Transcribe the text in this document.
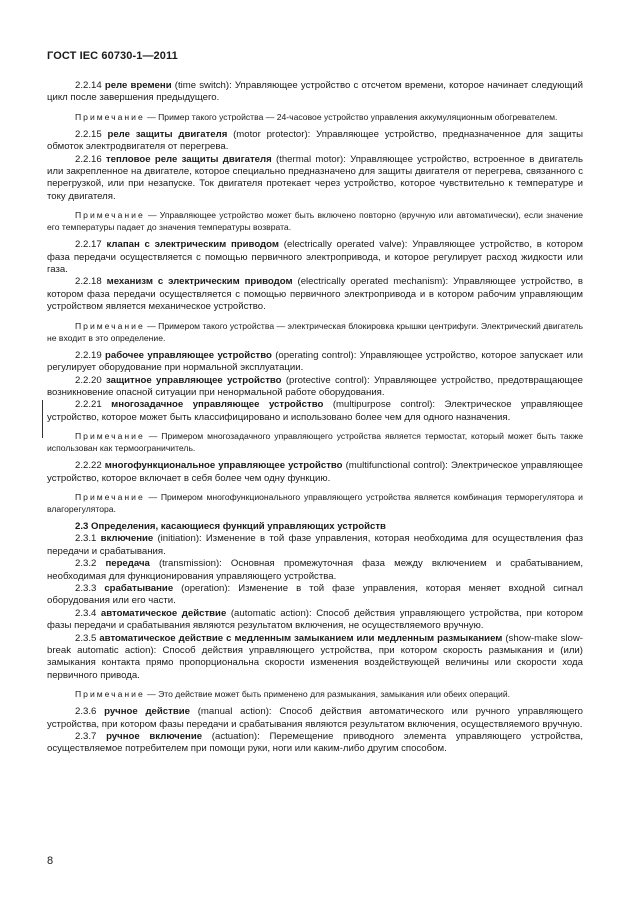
ГОСТ IEC 60730-1—2011

2.2.14 реле времени (time switch): Управляющее устройство с отсчетом времени, которое начинает следующий цикл после завершения предыдущего.

Примечание — Пример такого устройства — 24-часовое устройство управления аккумуляционным обогревателем.

2.2.15 реле защиты двигателя (motor protector): Управляющее устройство, предназначенное для защиты обмоток электродвигателя от перегрева.

2.2.16 тепловое реле защиты двигателя (thermal motor): Управляющее устройство, встроенное в двигатель или закрепленное на двигателе, которое специально предназначено для защиты двигателя от перегрева, связанного с перегрузкой, или при незапуске. Ток двигателя протекает через устройство, которое чувствительно к температуре и току двигателя.

Примечание — Управляющее устройство может быть включено повторно (вручную или автоматически), если значение его температуры падает до значения температуры возврата.

2.2.17 клапан с электрическим приводом (electrically operated valve): Управляющее устройство, в котором фаза передачи осуществляется с помощью первичного электропривода, и которое регулирует расход жидкости или газа.

2.2.18 механизм с электрическим приводом (electrically operated mechanism): Управляющее устройство, в котором фаза передачи осуществляется с помощью первичного электропривода и в котором рабочим управляющим устройством является механическое устройство.

Примечание — Примером такого устройства — электрическая блокировка крышки центрифуги. Электрический двигатель не входит в это определение.

2.2.19 рабочее управляющее устройство (operating control): Управляющее устройство, которое запускает или регулирует оборудование при нормальной эксплуатации.

2.2.20 защитное управляющее устройство (protective control): Управляющее устройство, предотвращающее возникновение опасной ситуации при ненормальной работе оборудования.

2.2.21 многозадачное управляющее устройство (multipurpose control): Электрическое управляющее устройство, которое может быть классифицировано и использовано более чем для одного назначения.

Примечание — Примером многозадачного управляющего устройства является термостат, который может быть также использован как термоограничитель.

2.2.22 многофункциональное управляющее устройство (multifunctional control): Электрическое управляющее устройство, которое включает в себя более чем одну функцию.

Примечание — Примером многофункционального управляющего устройства является комбинация терморегулятора и влагорегулятора.

2.3 Определения, касающиеся функций управляющих устройств

2.3.1 включение (initiation): Изменение в той фазе управления, которая необходима для осуществления фаз передачи и срабатывания.

2.3.2 передача (transmission): Основная промежуточная фаза между включением и срабатыванием, необходимая для функционирования управляющего устройства.

2.3.3 срабатывание (operation): Изменение в той фазе управления, которая меняет входной сигнал оборудования или его части.

2.3.4 автоматическое действие (automatic action): Способ действия управляющего устройства, при котором фазы передачи и срабатывания являются результатом включения, не осуществляемого вручную.

2.3.5 автоматическое действие с медленным замыканием или медленным размыканием (show-make slow-break automatic action): Способ действия управляющего устройства, при котором скорость размыкания и (или) замыкания контакта прямо пропорциональна скорости изменения воздействующей величины или скорости хода первичного привода.

Примечание — Это действие может быть применено для размыкания, замыкания или обеих операций.

2.3.6 ручное действие (manual action): Способ действия автоматического или ручного управляющего устройства, при котором фазы передачи и срабатывания являются результатом включения, осуществляемого вручную.

2.3.7 ручное включение (actuation): Перемещение приводного элемента управляющего устройства, осуществляемое потребителем при помощи руки, ноги или каким-либо другим способом.

8
